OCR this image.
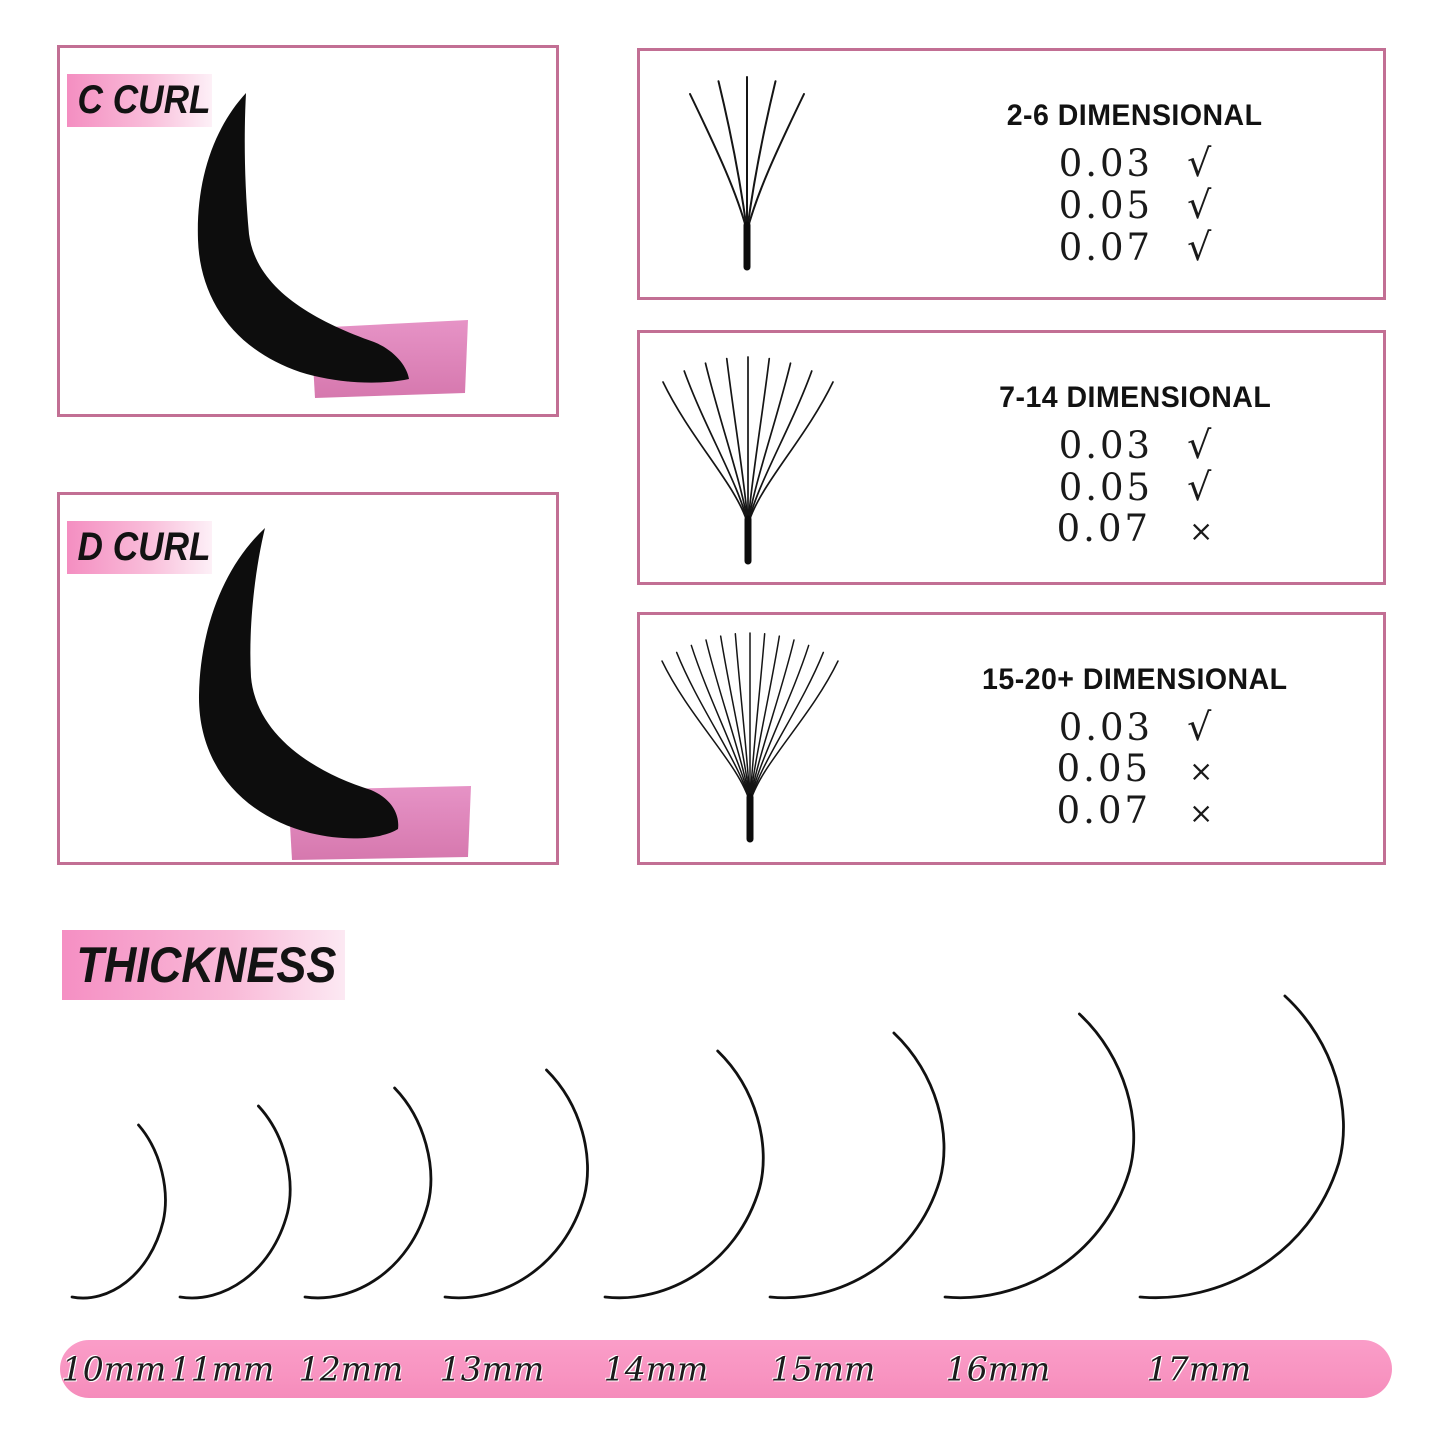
C CURL
D CURL
2-6 DIMENSIONAL
0.03 √
0.05 √
0.07 √
7-14 DIMENSIONAL
0.03 √
0.05 √
0.07 ×
15-20+ DIMENSIONAL
0.03 √
0.05 ×
0.07 ×
THICKNESS
10mm 11mm 12mm 13mm 14mm 15mm 16mm	17mm
